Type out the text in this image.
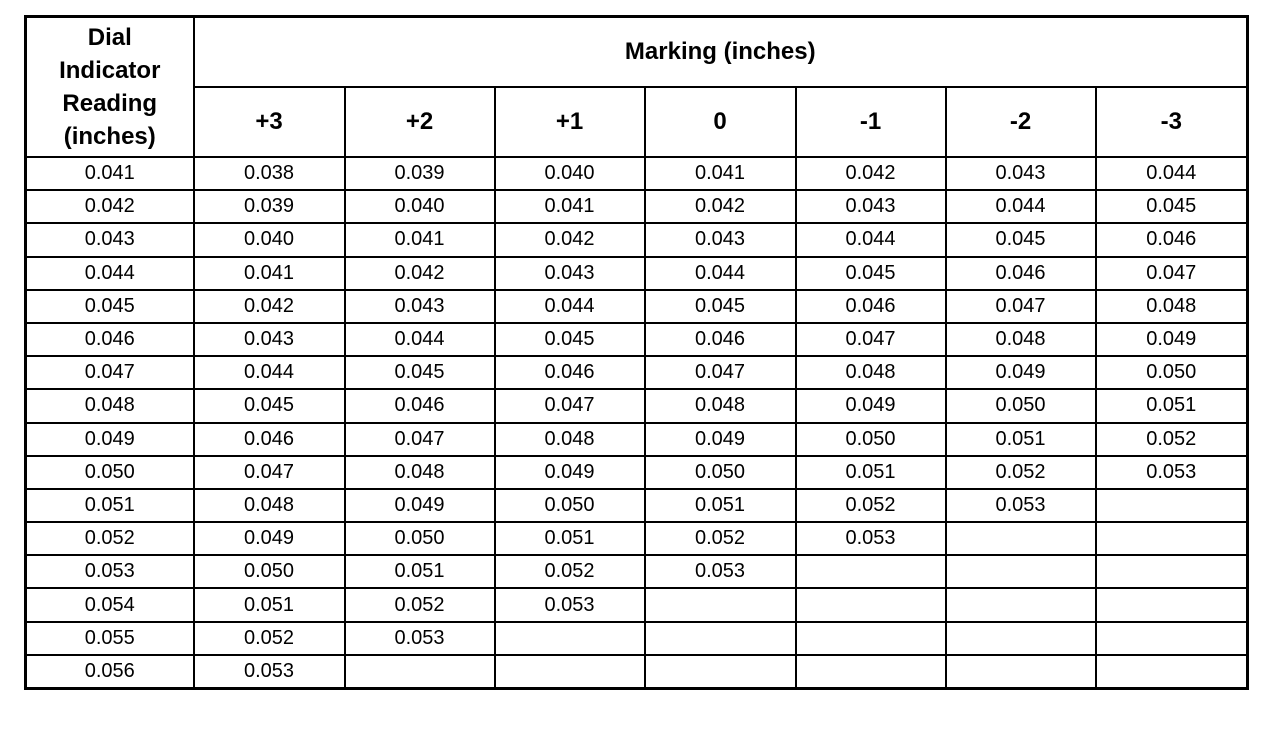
Dial
Indicator
Reading
(inches)	Marking (inches)						
	+3	+2	+1	0	-1	-2	-3
0.041	0.038	0.039	0.040	0.041	0.042	0.043	0.044
0.042	0.039	0.040	0.041	0.042	0.043	0.044	0.045
0.043	0.040	0.041	0.042	0.043	0.044	0.045	0.046
0.044	0.041	0.042	0.043	0.044	0.045	0.046	0.047
0.045	0.042	0.043	0.044	0.045	0.046	0.047	0.048
0.046	0.043	0.044	0.045	0.046	0.047	0.048	0.049
0.047	0.044	0.045	0.046	0.047	0.048	0.049	0.050
0.048	0.045	0.046	0.047	0.048	0.049	0.050	0.051
0.049	0.046	0.047	0.048	0.049	0.050	0.051	0.052
0.050	0.047	0.048	0.049	0.050	0.051	0.052	0.053
0.051	0.048	0.049	0.050	0.051	0.052	0.053	
0.052	0.049	0.050	0.051	0.052	0.053		
0.053	0.050	0.051	0.052	0.053			
0.054	0.051	0.052	0.053				
0.055	0.052	0.053					
0.056	0.053						
